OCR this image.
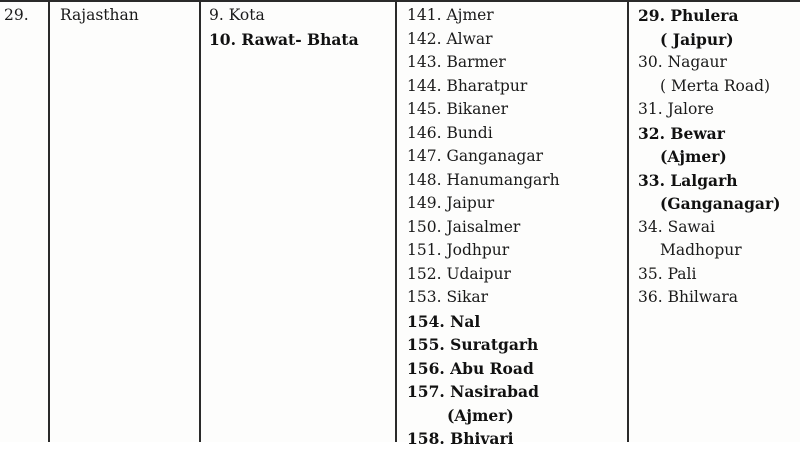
29. Rajasthan	9. Kota
10. Rawat- Bhata
141. Ajmer
142. Alwar
143. Barmer
144. Bharatpur
145. Bikaner
146. Bundi
147. Ganganagar
148. Hanumangarh
149. Jaipur
150. Jaisalmer
151. Jodhpur
152. Udaipur
153. Sikar
154. Nal
155. Suratgarh
156. Abu Road
157. Nasirabad
(Ajmer)
158. Bhivari
29. Phulera
( Jaipur)
30. Nagaur
( Merta Road)
31. Jalore
32. Bewar
(Ajmer)
33. Lalgarh
(Ganganagar)
34. Sawai
Madhopur
35. Pali
36. Bhilwara
